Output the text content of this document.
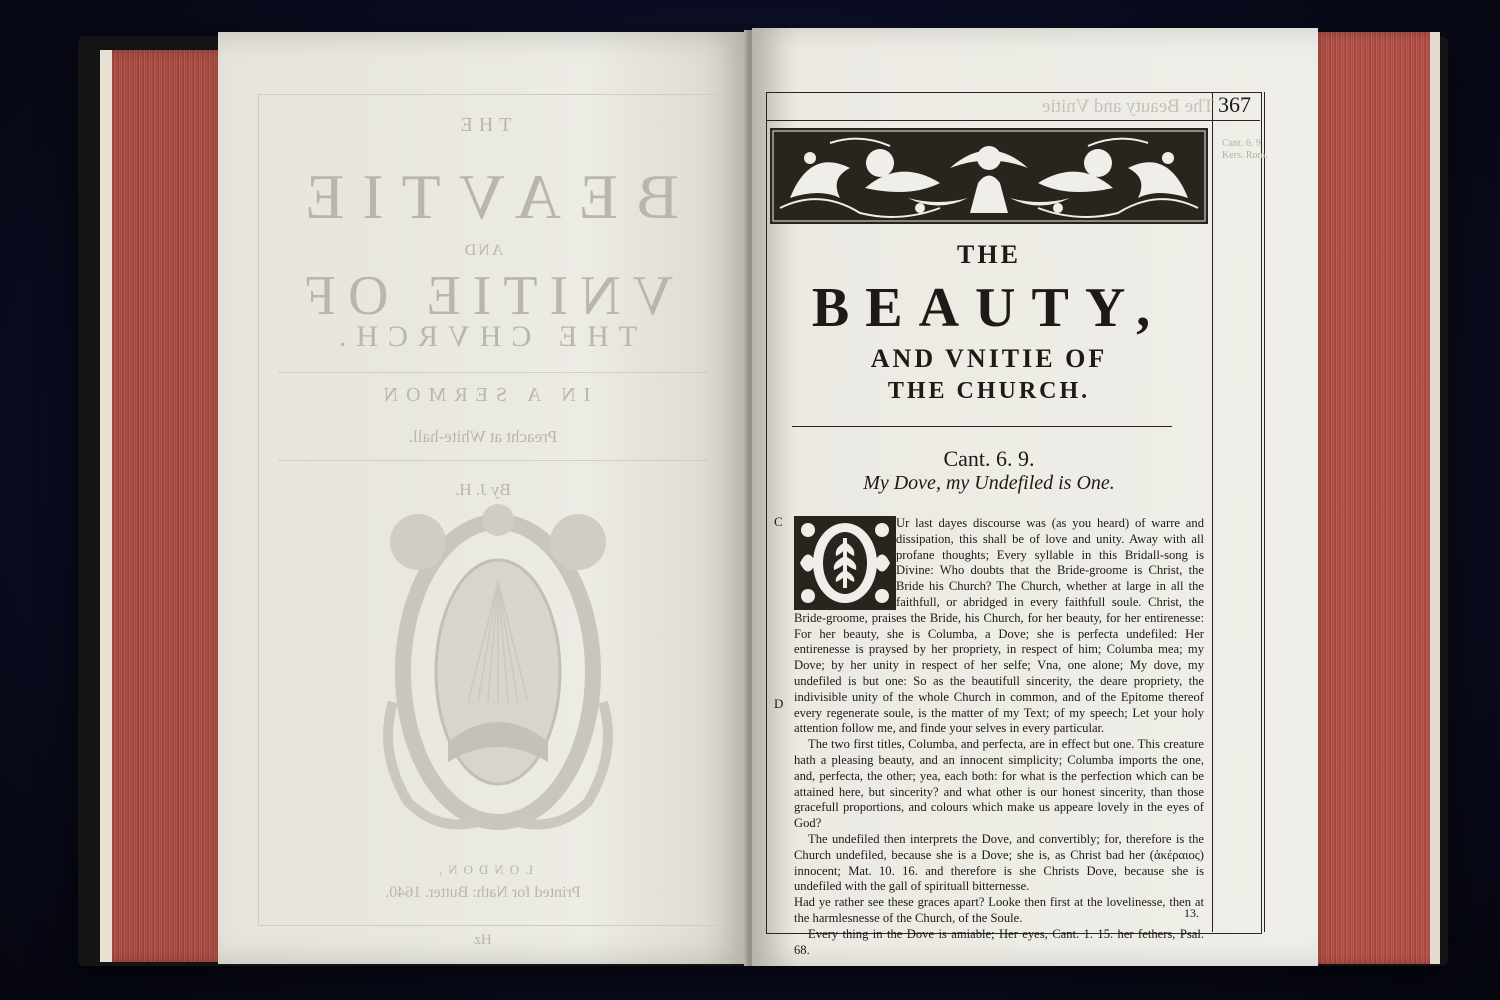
THE
BEAVTIE
AND
VNITIE OF
THE CHVRCH.
IN A SERMON
Preacht at White-hall.
By J. H.
LONDON,
Printed for Nath: Butter. 1640.
Hz
The Beauty and Vnitie 367
Cant. 6. 9.
Kers. Rom.
THE
BEAUTY,
AND VNITIE OF
THE CHURCH.
Cant. 6. 9.
My Dove, my Undefiled is One.
C
D
Ur last dayes discourse was (as you heard) of warre and dissipation, this shall be of love and unity. Away with all profane thoughts; Every syllable in this Bridall-song is Divine: Who doubts that the Bride-groome is Christ, the Bride his Church? The Church, whether at large in all the faithfull, or abridged in every faithfull soule. Christ, the Bride-groome, praises the Bride, his Church, for her beauty, for her entirenesse: For her beauty, she is Columba, a Dove; she is perfecta undefiled: Her entirenesse is praysed by her propriety, in respect of him; Columba mea; my Dove; by her unity in respect of her selfe; Vna, one alone; My dove, my undefiled is but one: So as the beautifull sincerity, the deare propriety, the indivisible unity of the whole Church in common, and of the Epitome thereof every regenerate soule, is the matter of my Text; of my speech; Let your holy attention follow me, and finde your selves in every particular.
The two first titles, Columba, and perfecta, are in effect but one. This creature hath a pleasing beauty, and an innocent simplicity; Columba imports the one, and, perfecta, the other; yea, each both: for what is the perfection which can be attained here, but sincerity? and what other is our honest sincerity, than those gracefull proportions, and colours which make us appeare lovely in the eyes of God?
The undefiled then interprets the Dove, and convertibly; for, therefore is the Church undefiled, because she is a Dove; she is, as Christ bad her (ἀκέραιος) innocent; Mat. 10. 16. and therefore is she Christs Dove, because she is undefiled with the gall of spirituall bitternesse.
Had ye rather see these graces apart? Looke then first at the lovelinesse, then at the harmlesnesse of the Church, of the Soule.
Every thing in the Dove is amiable; Her eyes, Cant. 1. 15. her fethers, Psal. 68.
13.
